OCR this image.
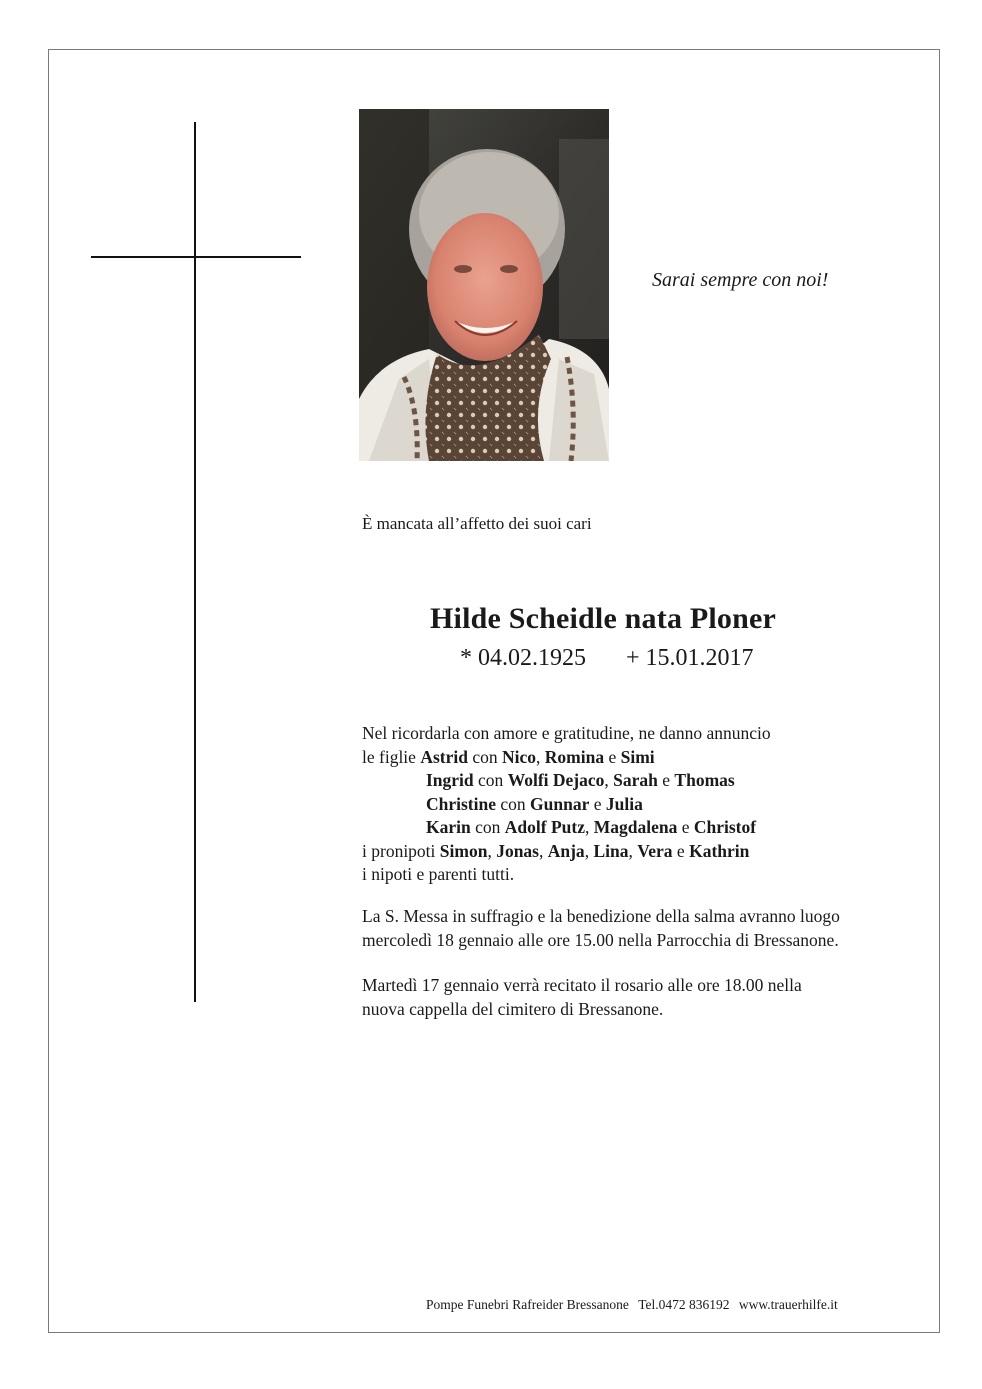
Sarai sempre con noi!
È mancata all’affetto dei suoi cari
Hilde Scheidle nata Ploner
* 04.02.1925 + 15.01.2017
Nel ricordarla con amore e gratitudine, ne danno annuncio
le figlie Astrid con Nico, Romina e Simi
Ingrid con Wolfi Dejaco, Sarah e Thomas
Christine con Gunnar e Julia
Karin con Adolf Putz, Magdalena e Christof
i pronipoti Simon, Jonas, Anja, Lina, Vera e Kathrin
i nipoti e parenti tutti.
La S. Messa in suffragio e la benedizione della salma avranno luogo
mercoledì 18 gennaio alle ore 15.00 nella Parrocchia di Bressanone.
Martedì 17 gennaio verrà recitato il rosario alle ore 18.00 nella
nuova cappella del cimitero di Bressanone.
Pompe Funebri Rafreider Bressanone Tel.0472 836192 www.trauerhilfe.it
